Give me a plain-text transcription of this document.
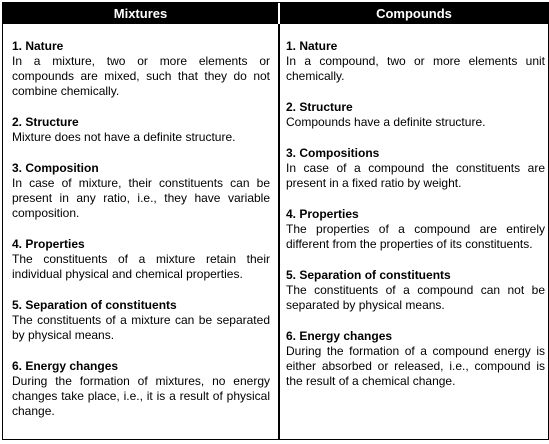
Mixtures	Compounds
1. Nature
In a mixture, two or more elements or compounds are mixed, such that they do not combine chemically.
2. Structure
Mixture does not have a definite structure.
3. Composition
In case of mixture, their constituents can be present in any ratio, i.e., they have variable composition.
4. Properties
The constituents of a mixture retain their individual physical and chemical properties.
5. Separation of constituents
The constituents of a mixture can be separated by physical means.
6. Energy changes
During the formation of mixtures, no energy changes take place, i.e., it is a result of physical change.
1. Nature
In a compound, two or more elements unit chemically.
2. Structure
Compounds have a definite structure.
3. Compositions
In case of a compound the constituents are present in a fixed ratio by weight.
4. Properties
The properties of a compound are entirely different from the properties of its constituents.
5. Separation of constituents
The constituents of a compound can not be separated by physical means.
6. Energy changes
During the formation of a compound energy is either absorbed or released, i.e., compound is the result of a chemical change.
